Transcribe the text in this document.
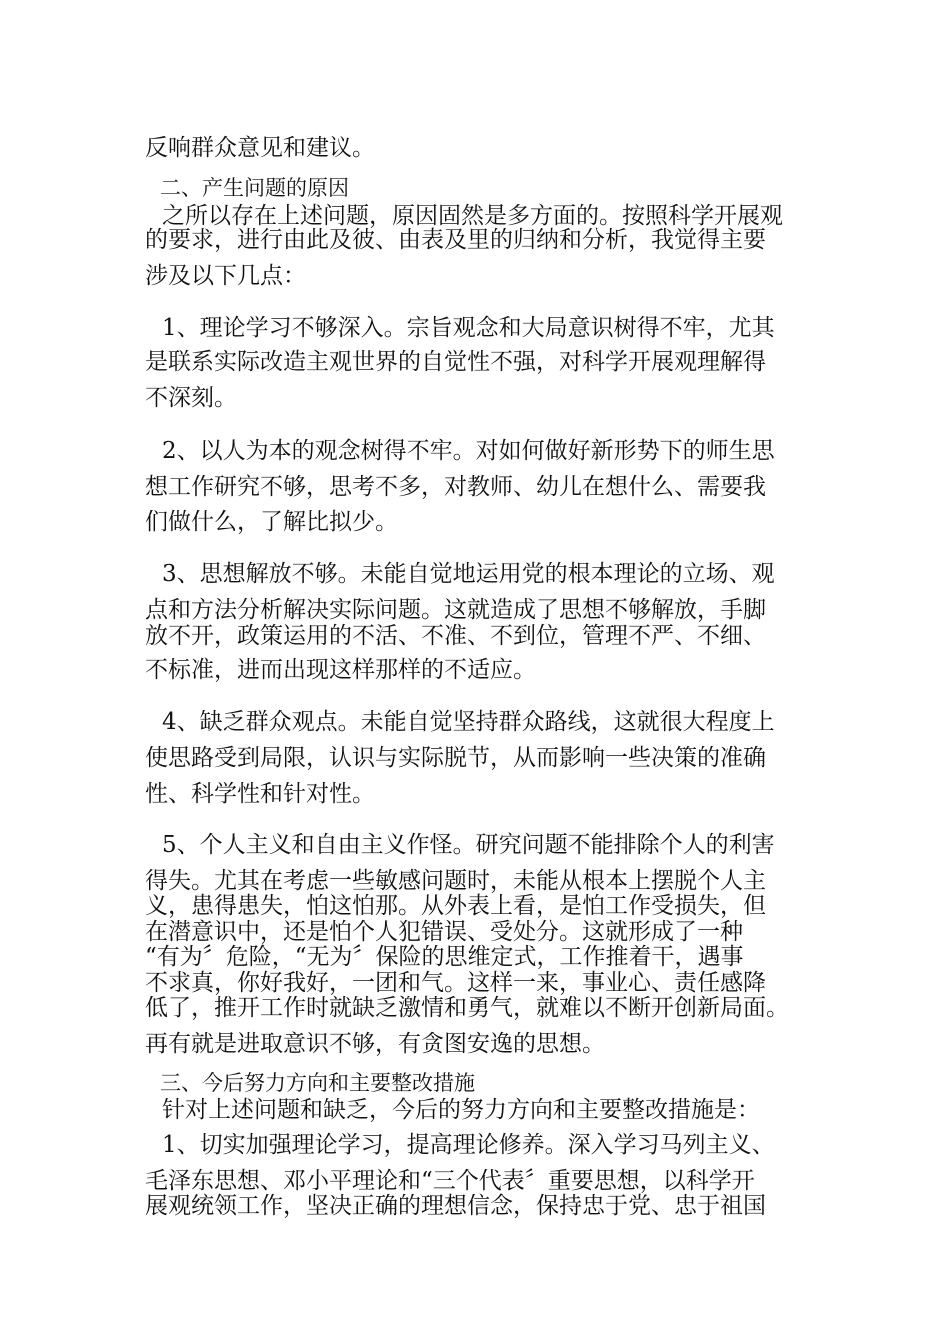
反响群众意见和建议。
二、产生问题的原因
之所以存在上述问题，原因固然是多方面的。按照科学开展观
的要求，进行由此及彼、由表及里的归纳和分析，我觉得主要
涉及以下几点：
1、理论学习不够深入。宗旨观念和大局意识树得不牢，尤其
是联系实际改造主观世界的自觉性不强，对科学开展观理解得
不深刻。
2、以人为本的观念树得不牢。对如何做好新形势下的师生思
想工作研究不够，思考不多，对教师、幼儿在想什么、需要我
们做什么，了解比拟少。
3、思想解放不够。未能自觉地运用党的根本理论的立场、观
点和方法分析解决实际问题。这就造成了思想不够解放，手脚
放不开，政策运用的不活、不准、不到位，管理不严、不细、
不标准，进而出现这样那样的不适应。
4、缺乏群众观点。未能自觉坚持群众路线，这就很大程度上
使思路受到局限，认识与实际脱节，从而影响一些决策的准确
性、科学性和针对性。
5、个人主义和自由主义作怪。研究问题不能排除个人的利害
得失。尤其在考虑一些敏感问题时，未能从根本上摆脱个人主
义，患得患失，怕这怕那。从外表上看，是怕工作受损失，但
在潜意识中，还是怕个人犯错误、受处分。这就形成了一种
“有为〞危险，“无为〞保险的思维定式，工作推着干，遇事
不求真，你好我好，一团和气。这样一来，事业心、责任感降
低了，推开工作时就缺乏激情和勇气，就难以不断开创新局面。
再有就是进取意识不够，有贪图安逸的思想。
三、今后努力方向和主要整改措施
针对上述问题和缺乏，今后的努力方向和主要整改措施是：
1、切实加强理论学习，提高理论修养。深入学习马列主义、
毛泽东思想、邓小平理论和“三个代表〞重要思想，以科学开
展观统领工作，坚决正确的理想信念，保持忠于党、忠于祖国
